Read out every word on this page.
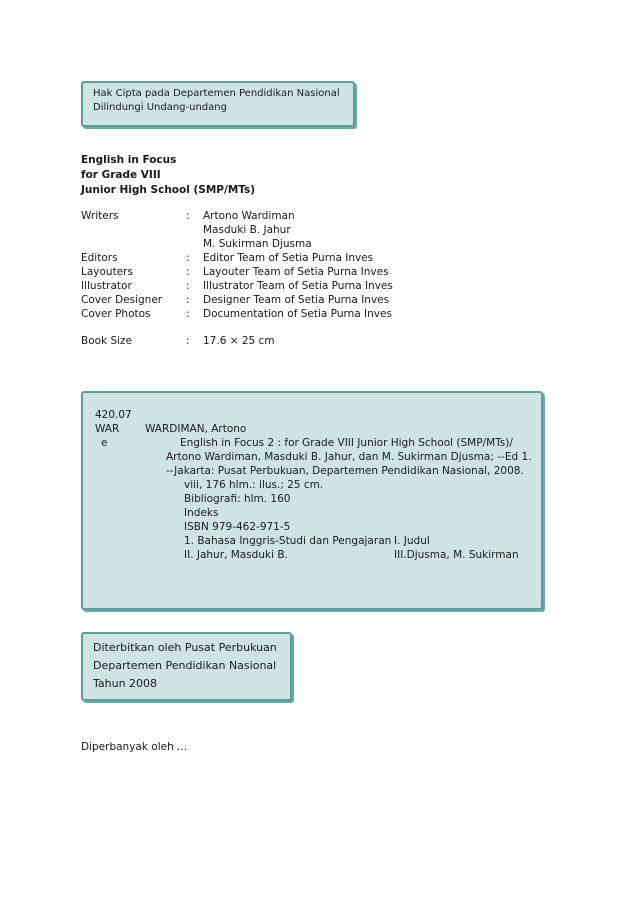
Hak Cipta pada Departemen Pendidikan Nasional
Dilindungi Undang-undang
English in Focus
for Grade VIII
Junior High School (SMP/MTs)
Writers	: Artono Wardiman
Masduki B. Jahur
M. Sukirman Djusma
Editors	: Editor Team of Setia Purna Inves
Layouters	: Layouter Team of Setia Purna Inves
Illustrator	: Illustrator Team of Setia Purna Inves
Cover Designer : Designer Team of Setia Purna Inves
Cover Photos	: Documentation of Setia Purna Inves
Book Size	: 17.6 × 25 cm
420.07
WAR WARDIMAN, Artono
e	English in Focus 2 : for Grade VIII Junior High School (SMP/MTs)/
Artono Wardiman, Masduki B. Jahur, dan M. Sukirman Djusma; --Ed 1.
--Jakarta: Pusat Perbukuan, Departemen Pendidikan Nasional, 2008.
viii, 176 hlm.: ilus.; 25 cm.
Bibliografi: hlm. 160
Indeks
ISBN 979-462-971-5
1. Bahasa Inggris-Studi dan Pengajaran I. Judul
II. Jahur, Masduki B.	III.Djusma, M. Sukirman
Diterbitkan oleh Pusat Perbukuan
Departemen Pendidikan Nasional
Tahun 2008
Diperbanyak oleh ...
